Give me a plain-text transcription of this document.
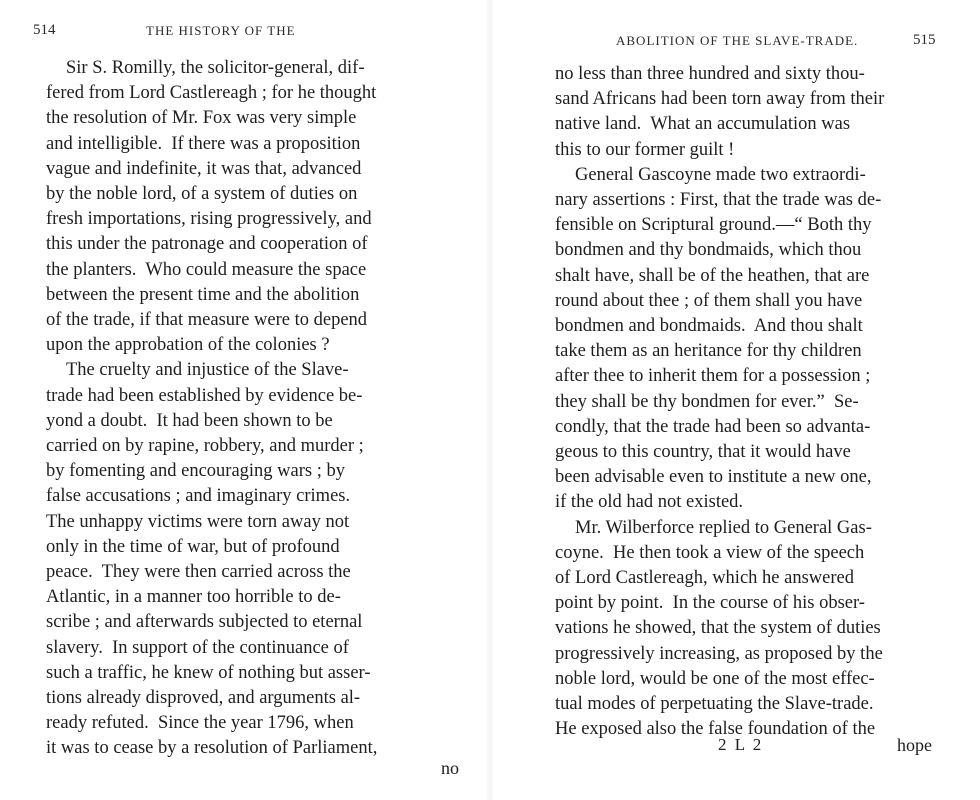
514	THE HISTORY OF THE
Sir S. Romilly, the solicitor-general, dif-
fered from Lord Castlereagh ; for he thought
the resolution of Mr. Fox was very simple
and intelligible.  If there was a proposition
vague and indefinite, it was that, advanced
by the noble lord, of a system of duties on
fresh importations, rising progressively, and
this under the patronage and cooperation of
the planters.  Who could measure the space
between the present time and the abolition
of the trade, if that measure were to depend
upon the approbation of the colonies ?
The cruelty and injustice of the Slave-
trade had been established by evidence be-
yond a doubt.  It had been shown to be
carried on by rapine, robbery, and murder ;
by fomenting and encouraging wars ; by
false accusations ; and imaginary crimes.
The unhappy victims were torn away not
only in the time of war, but of profound
peace.  They were then carried across the
Atlantic, in a manner too horrible to de-
scribe ; and afterwards subjected to eternal
slavery.  In support of the continuance of
such a traffic, he knew of nothing but asser-
tions already disproved, and arguments al-
ready refuted.  Since the year 1796, when
it was to cease by a resolution of Parliament,
no
ABOLITION OF THE SLAVE-TRADE.	515
no less than three hundred and sixty thou-
sand Africans had been torn away from their
native land.  What an accumulation was
this to our former guilt !
General Gascoyne made two extraordi-
nary assertions : First, that the trade was de-
fensible on Scriptural ground.—“ Both thy
bondmen and thy bondmaids, which thou
shalt have, shall be of the heathen, that are
round about thee ; of them shall you have
bondmen and bondmaids.  And thou shalt
take them as an heritance for thy children
after thee to inherit them for a possession ;
they shall be thy bondmen for ever.”  Se-
condly, that the trade had been so advanta-
geous to this country, that it would have
been advisable even to institute a new one,
if the old had not existed.
Mr. Wilberforce replied to General Gas-
coyne.  He then took a view of the speech
of Lord Castlereagh, which he answered
point by point.  In the course of his obser-
vations he showed, that the system of duties
progressively increasing, as proposed by the
noble lord, would be one of the most effec-
tual modes of perpetuating the Slave-trade.
He exposed also the false foundation of the
2 L 2	hope
